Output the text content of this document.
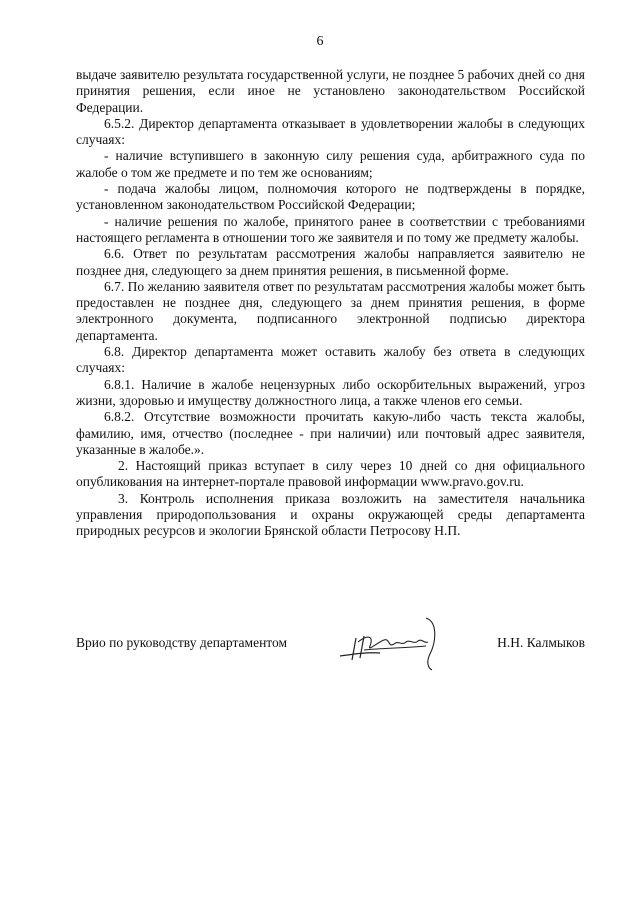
6

выдаче заявителю результата государственной услуги, не позднее 5 рабочих дней со дня принятия решения, если иное не установлено законодательством Российской Федерации.

6.5.2. Директор департамента отказывает в удовлетворении жалобы в следующих случаях:

- наличие вступившего в законную силу решения суда, арбитражного суда по жалобе о том же предмете и по тем же основаниям;

- подача жалобы лицом, полномочия которого не подтверждены в порядке, установленном законодательством Российской Федерации;

- наличие решения по жалобе, принятого ранее в соответствии с требованиями настоящего регламента в отношении того же заявителя и по тому же предмету жалобы.

6.6. Ответ по результатам рассмотрения жалобы направляется заявителю не позднее дня, следующего за днем принятия решения, в письменной форме.

6.7. По желанию заявителя ответ по результатам рассмотрения жалобы может быть предоставлен не позднее дня, следующего за днем принятия решения, в форме электронного документа, подписанного электронной подписью директора департамента.

6.8. Директор департамента может оставить жалобу без ответа в следующих случаях:

6.8.1. Наличие в жалобе нецензурных либо оскорбительных выражений, угроз жизни, здоровью и имуществу должностного лица, а также членов его семьи.

6.8.2. Отсутствие возможности прочитать какую-либо часть текста жалобы, фамилию, имя, отчество (последнее - при наличии) или почтовый адрес заявителя, указанные в жалобе.».

2. Настоящий приказ вступает в силу через 10 дней со дня официального опубликования на интернет-портале правовой информации www.pravo.gov.ru.

3. Контроль исполнения приказа возложить на заместителя начальника управления природопользования и охраны окружающей среды департамента природных ресурсов и экологии Брянской области Петросову Н.П.

Врио по руководству департаментом	Н.Н. Калмыков
